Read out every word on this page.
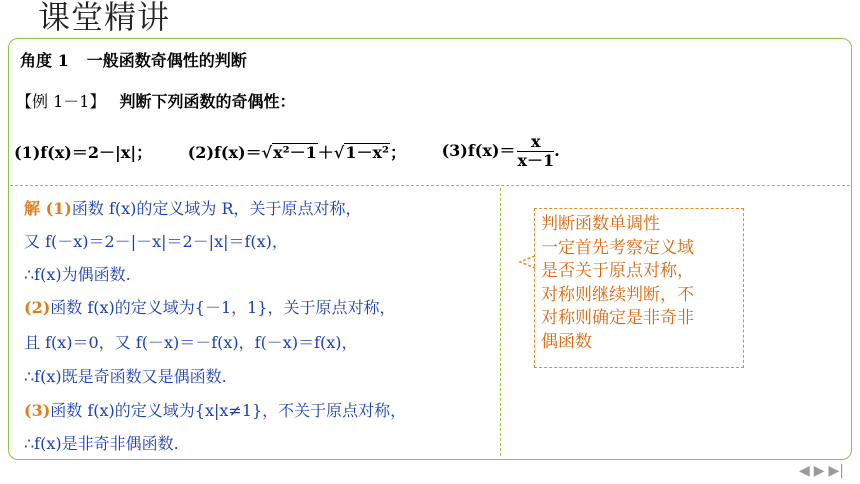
课堂精讲
角度 1 一般函数奇偶性的判断
【例 1－1】 判断下列函数的奇偶性：
(1)f(x)＝2－|x|； (2)f(x)＝√x²－1＋√1－x²； $(3)f(x)= \frac{x}{x-1}$ .
解 (1)函数 f(x)的定义域为 R，关于原点对称，
又 f(－x)＝2－|－x|＝2－|x|＝f(x)，
∴f(x)为偶函数.
(2)函数 f(x)的定义域为{－1，1}，关于原点对称，
且 f(x)＝0，又 f(－x)＝－f(x)，f(－x)＝f(x)，
∴f(x)既是奇函数又是偶函数.
(3)函数 f(x)的定义域为{x|x≠1}，不关于原点对称，
∴f(x)是非奇非偶函数.
判断函数单调性
一定首先考察定义域
是否关于原点对称，
对称则继续判断，不
对称则确定是非奇非
偶函数
◀ ▶ ▶|
